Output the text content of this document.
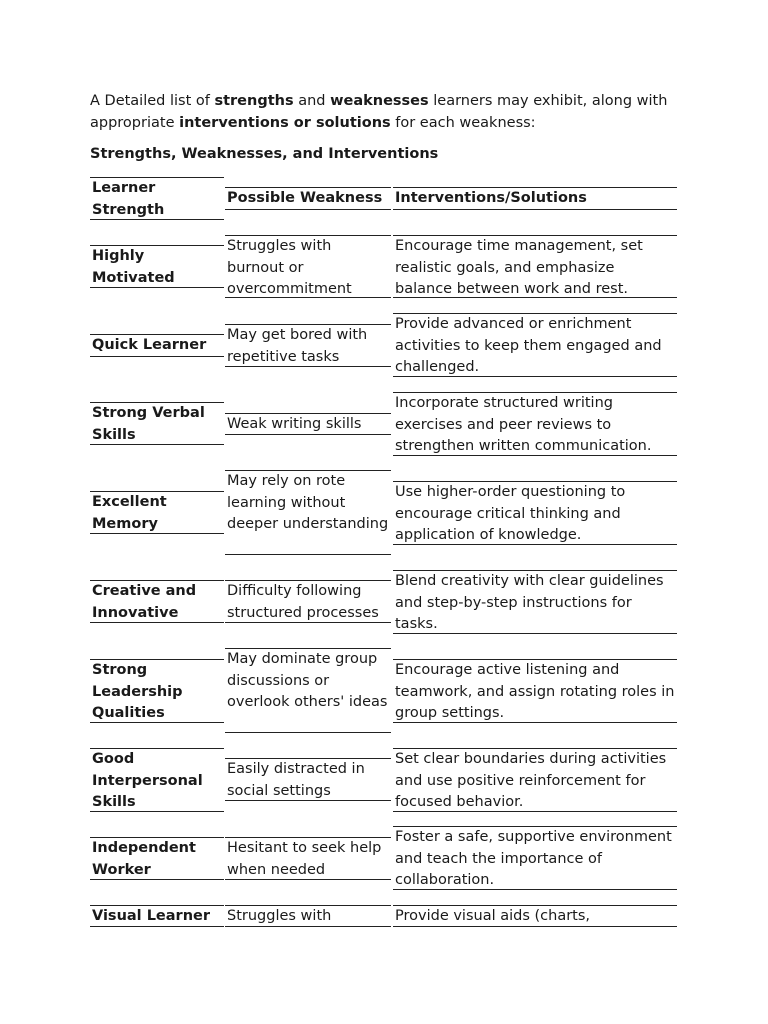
A Detailed list of strengths and weaknesses learners may exhibit, along with appropriate interventions or solutions for each weakness:

Strengths, Weaknesses, and Interventions

Learner Strength
Possible Weakness Interventions/Solutions
Highly Motivated
Struggles with burnout or overcommitment
Encourage time management, set realistic goals, and emphasize balance between work and rest.
Quick Learner
May get bored with repetitive tasks
Provide advanced or enrichment activities to keep them engaged and challenged.
Strong Verbal Skills
Weak writing skills
Incorporate structured writing exercises and peer reviews to strengthen written communication.
Excellent Memory
May rely on rote learning without deeper understanding
Use higher-order questioning to encourage critical thinking and application of knowledge.
Creative and Innovative
Difficulty following structured processes
Blend creativity with clear guidelines and step-by-step instructions for tasks.
Strong Leadership Qualities
May dominate group discussions or overlook others' ideas
Encourage active listening and teamwork, and assign rotating roles in group settings.
Good Interpersonal Skills
Easily distracted in social settings
Set clear boundaries during activities and use positive reinforcement for focused behavior.
Independent Worker
Hesitant to seek help when needed
Foster a safe, supportive environment and teach the importance of collaboration.
Visual Learner	Struggles with	Provide visual aids (charts,
